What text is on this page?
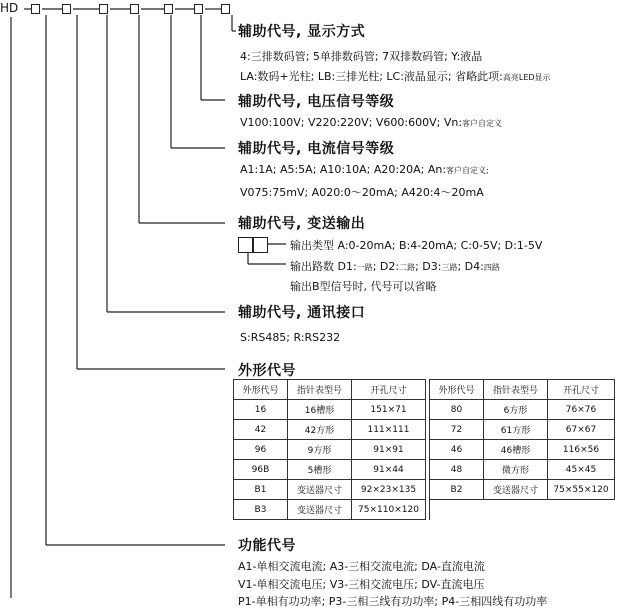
HD
辅助代号, 显示方式
4:三排数码管; 5单排数码管; 7双排数码管; Y:液晶
LA:数码+光柱; LB:三排光柱; LC:液晶显示; 省略此项:高亮LED显示
辅助代号, 电压信号等级
V100:100V; V220:220V; V600:600V; Vn:客户自定义
辅助代号, 电流信号等级
A1:1A; A5:5A; A10:10A; A20:20A; An:客户自定义;
V075:75mV; A020:0～20mA; A420:4～20mA
辅助代号, 变送输出
输出类型 A:0-20mA; B:4-20mA; C:0-5V; D:1-5V
输出路数 D1:一路; D2:二路; D3:三路; D4:四路
输出B型信号时, 代号可以省略
辅助代号, 通讯接口
S:RS485; R:RS232
外形代号
外形代号	指针表型号	开孔尺寸		外形代号	指针表型号	开孔尺寸
16	16槽形	151×71		80	6方形	76×76
42	42方形	111×111		72	61方形	67×67
96	9方形	91×91		46	46槽形	116×56
96B	5槽形	91×44		48	微方形	45×45
B1	变送器尺寸	92×23×135		B2	变送器尺寸	75×55×120
B3	变送器尺寸	75×110×120				
功能代号
A1-单相交流电流; A3-三相交流电流; DA-直流电流
V1-单相交流电压; V3-三相交流电压; DV-直流电压
P1-单相有功功率; P3-三相三线有功功率; P4-三相四线有功功率
